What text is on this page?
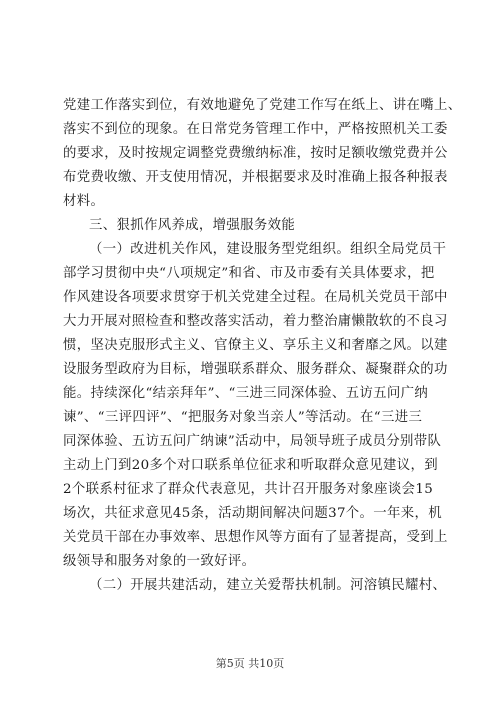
党建工作落实到位，有效地避免了党建工作写在纸上、讲在嘴上、
落实不到位的现象。在日常党务管理工作中，严格按照机关工委
的要求，及时按规定调整党费缴纳标准，按时足额收缴党费并公
布党费收缴、开支使用情况，并根据要求及时准确上报各种报表
材料。
三、狠抓作风养成，增强服务效能
（一）改进机关作风，建设服务型党组织。组织全局党员干
部学习贯彻中央“八项规定”和省、市及市委有关具体要求，把
作风建设各项要求贯穿于机关党建全过程。在局机关党员干部中
大力开展对照检查和整改落实活动，着力整治庸懒散软的不良习
惯，坚决克服形式主义、官僚主义、享乐主义和奢靡之风。以建
设服务型政府为目标，增强联系群众、服务群众、凝聚群众的功
能。持续深化“结亲拜年”、“三进三同深体验、五访五问广纳
谏”、“三评四评”、“把服务对象当亲人”等活动。在“三进三
同深体验、五访五问广纳谏”活动中，局领导班子成员分别带队
主动上门到20多个对口联系单位征求和听取群众意见建议，到
2个联系村征求了群众代表意见，共计召开服务对象座谈会15
场次，共征求意见45条，活动期间解决问题37个。一年来，机
关党员干部在办事效率、思想作风等方面有了显著提高，受到上
级领导和服务对象的一致好评。
（二）开展共建活动，建立关爱帮扶机制。河溶镇民耀村、
第5页 共10页
